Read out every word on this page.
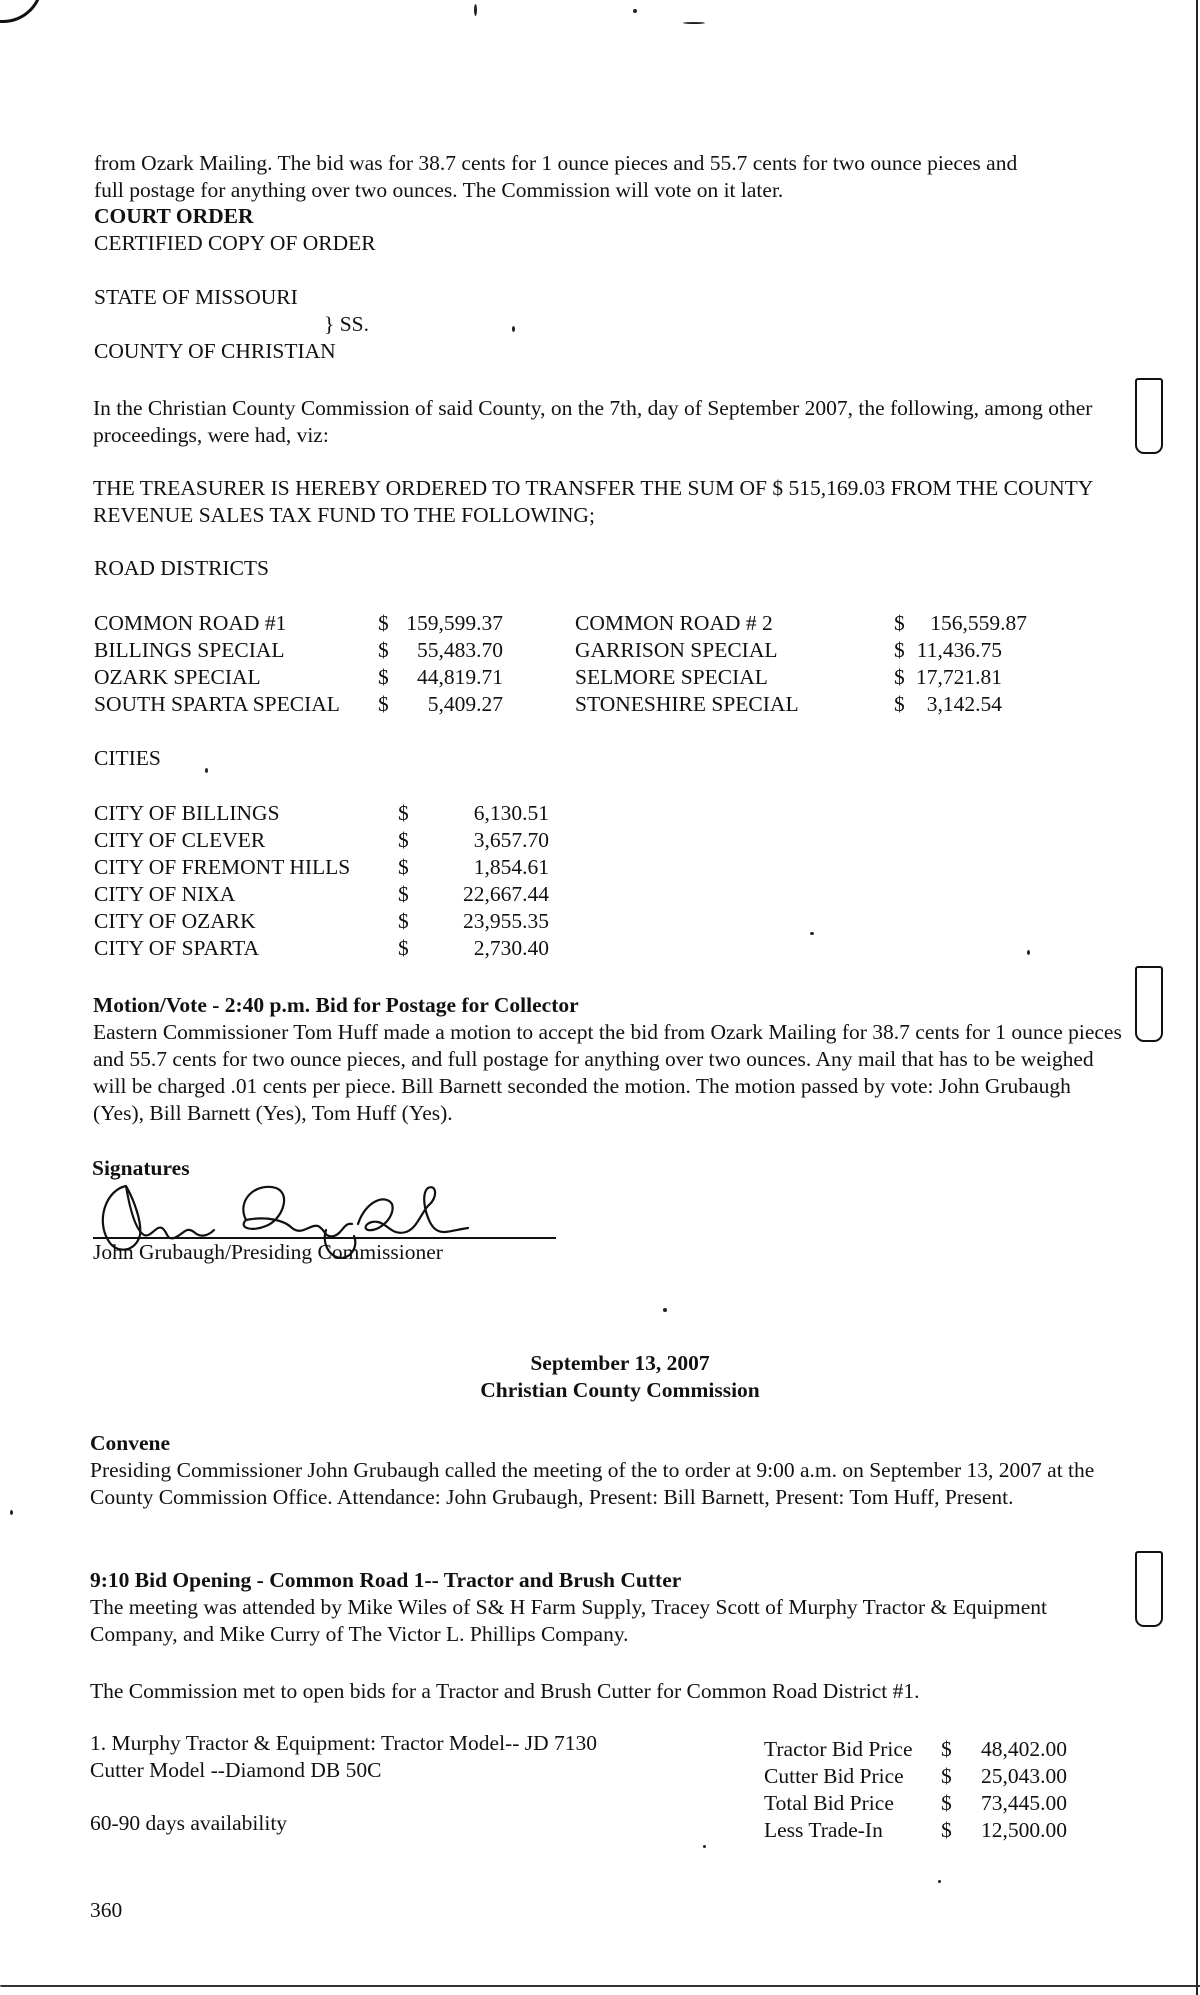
from Ozark Mailing. The bid was for 38.7 cents for 1 ounce pieces and 55.7 cents for two ounce pieces and
full postage for anything over two ounces. The Commission will vote on it later.
COURT ORDER
CERTIFIED COPY OF ORDER
STATE OF MISSOURI
} SS.
COUNTY OF CHRISTIAN
In the Christian County Commission of said County, on the 7th, day of September 2007, the following, among other proceedings, were had, viz:
THE TREASURER IS HEREBY ORDERED TO TRANSFER THE SUM OF $ 515,169.03 FROM THE COUNTY REVENUE SALES TAX FUND TO THE FOLLOWING;
ROAD DISTRICTS
COMMON ROAD #1	$ 159,599.37	COMMON ROAD # 2	$ 156,559.87
BILLINGS SPECIAL	$ 55,483.70	GARRISON SPECIAL	$ 11,436.75
OZARK SPECIAL	$ 44,819.71	SELMORE SPECIAL	$ 17,721.81
SOUTH SPARTA SPECIAL $ 5,409.27	STONESHIRE SPECIAL	$ 3,142.54
CITIES
CITY OF BILLINGS	$	6,130.51
CITY OF CLEVER	$	3,657.70
CITY OF FREMONT HILLS $	1,854.61
CITY OF NIXA	$	22,667.44
CITY OF OZARK	$	23,955.35
CITY OF SPARTA	$	2,730.40
Motion/Vote - 2:40 p.m. Bid for Postage for Collector
Eastern Commissioner Tom Huff made a motion to accept the bid from Ozark Mailing for 38.7 cents for 1 ounce pieces and 55.7 cents for two ounce pieces, and full postage for anything over two ounces. Any mail that has to be weighed will be charged .01 cents per piece. Bill Barnett seconded the motion. The motion passed by vote: John Grubaugh (Yes), Bill Barnett (Yes), Tom Huff (Yes).
Signatures
John Grubaugh/Presiding Commissioner
September 13, 2007
Christian County Commission
Convene
Presiding Commissioner John Grubaugh called the meeting of the to order at 9:00 a.m. on September 13, 2007 at the County Commission Office. Attendance: John Grubaugh, Present: Bill Barnett, Present: Tom Huff, Present.
9:10 Bid Opening - Common Road 1-- Tractor and Brush Cutter
The meeting was attended by Mike Wiles of S& H Farm Supply, Tracey Scott of Murphy Tractor & Equipment Company, and Mike Curry of The Victor L. Phillips Company.
The Commission met to open bids for a Tractor and Brush Cutter for Common Road District #1.
1. Murphy Tractor & Equipment: Tractor Model-- JD 7130
Cutter Model --Diamond DB 50C
60-90 days availability
Tractor Bid Price $ 48,402.00
Cutter Bid Price $ 25,043.00
Total Bid Price $ 73,445.00
Less Trade-In	$ 12,500.00
360
